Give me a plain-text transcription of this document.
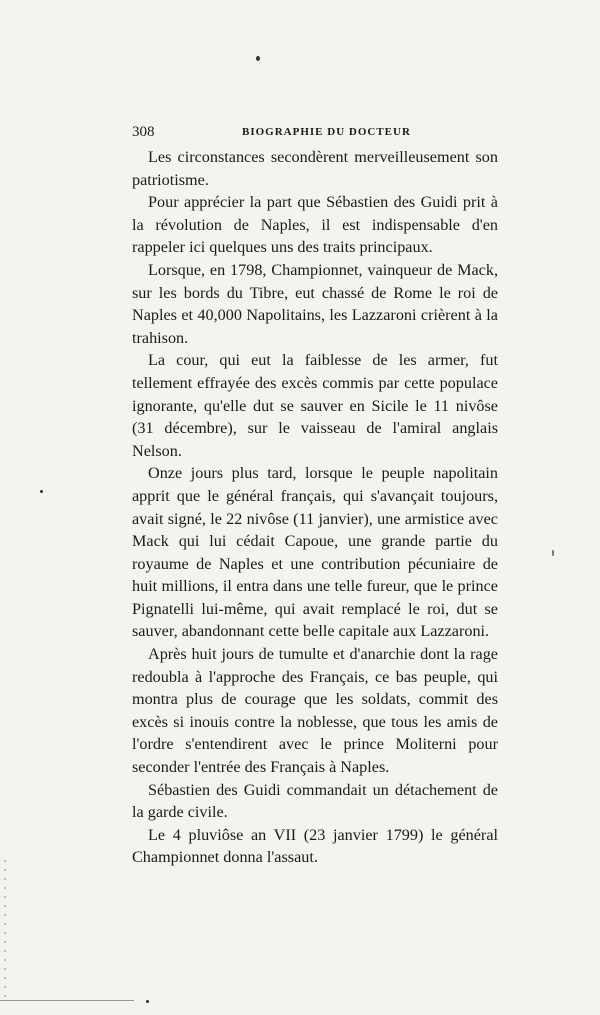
308	BIOGRAPHIE DU DOCTEUR

Les circonstances secondèrent merveilleusement son patriotisme.

Pour apprécier la part que Sébastien des Guidi prit à la révolution de Naples, il est indispensable d'en rappeler ici quelques uns des traits principaux.

Lorsque, en 1798, Championnet, vainqueur de Mack, sur les bords du Tibre, eut chassé de Rome le roi de Naples et 40,000 Napolitains, les Lazzaroni crièrent à la trahison.

La cour, qui eut la faiblesse de les armer, fut tellement effrayée des excès commis par cette populace ignorante, qu'elle dut se sauver en Sicile le 11 nivôse (31 décembre), sur le vaisseau de l'amiral anglais Nelson.

Onze jours plus tard, lorsque le peuple napolitain apprit que le général français, qui s'avançait toujours, avait signé, le 22 nivôse (11 janvier), une armistice avec Mack qui lui cédait Capoue, une grande partie du royaume de Naples et une contribution pécuniaire de huit millions, il entra dans une telle fureur, que le prince Pignatelli lui-même, qui avait remplacé le roi, dut se sauver, abandonnant cette belle capitale aux Lazzaroni.

Après huit jours de tumulte et d'anarchie dont la rage redoubla à l'approche des Français, ce bas peuple, qui montra plus de courage que les soldats, commit des excès si inouis contre la noblesse, que tous les amis de l'ordre s'entendirent avec le prince Moliterni pour seconder l'entrée des Français à Naples.

Sébastien des Guidi commandait un détachement de la garde civile.

Le 4 pluviôse an VII (23 janvier 1799) le général Championnet donna l'assaut.
